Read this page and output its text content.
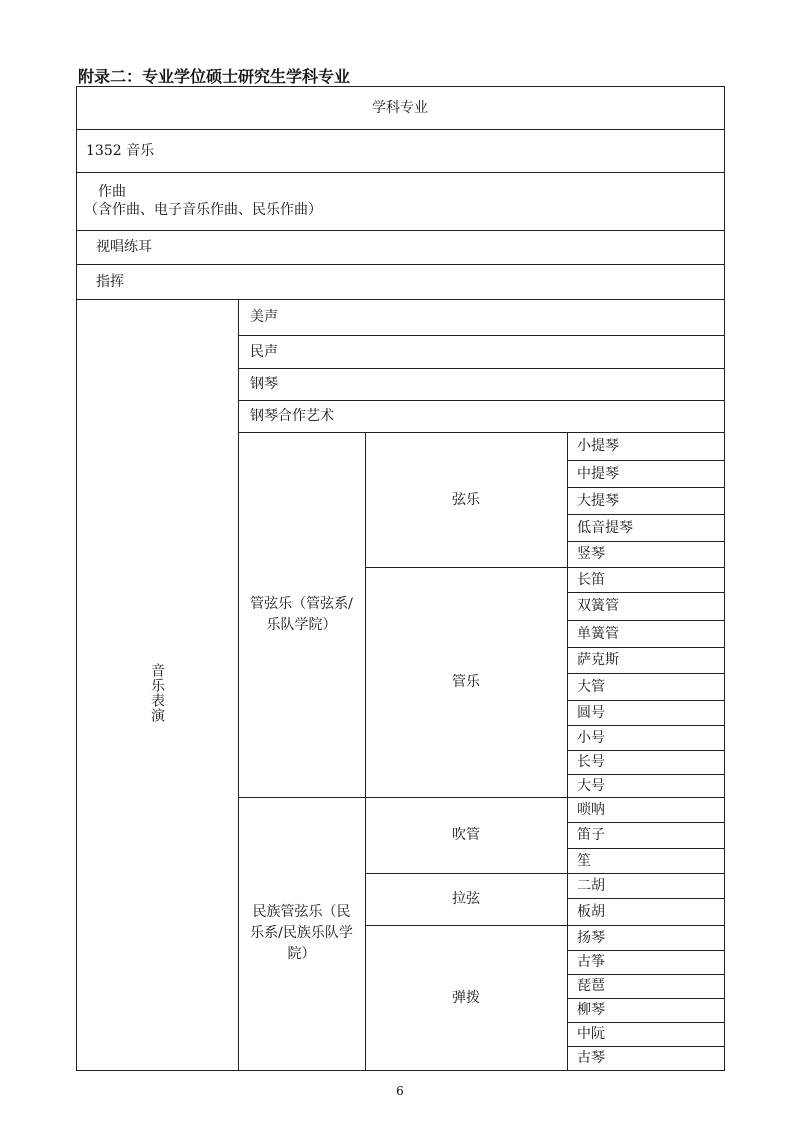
附录二：专业学位硕士研究生学科专业
学科专业
1352 音乐
作曲
（含作曲、电子音乐作曲、民乐作曲）
视唱练耳
指挥
音乐表演
美声
民声
钢琴
钢琴合作艺术
管弦乐（管弦系/乐队学院）
小提琴
中提琴
大提琴
低音提琴
竖琴
弦乐
长笛
双簧管
单簧管
萨克斯
大管
圆号
小号
长号
大号
管乐
民族管弦乐（民乐系/民族乐队学院）
唢呐
笛子
笙
吹管
二胡
板胡
拉弦
扬琴
古筝
琵琶
柳琴
中阮
古琴
弹拨
6
